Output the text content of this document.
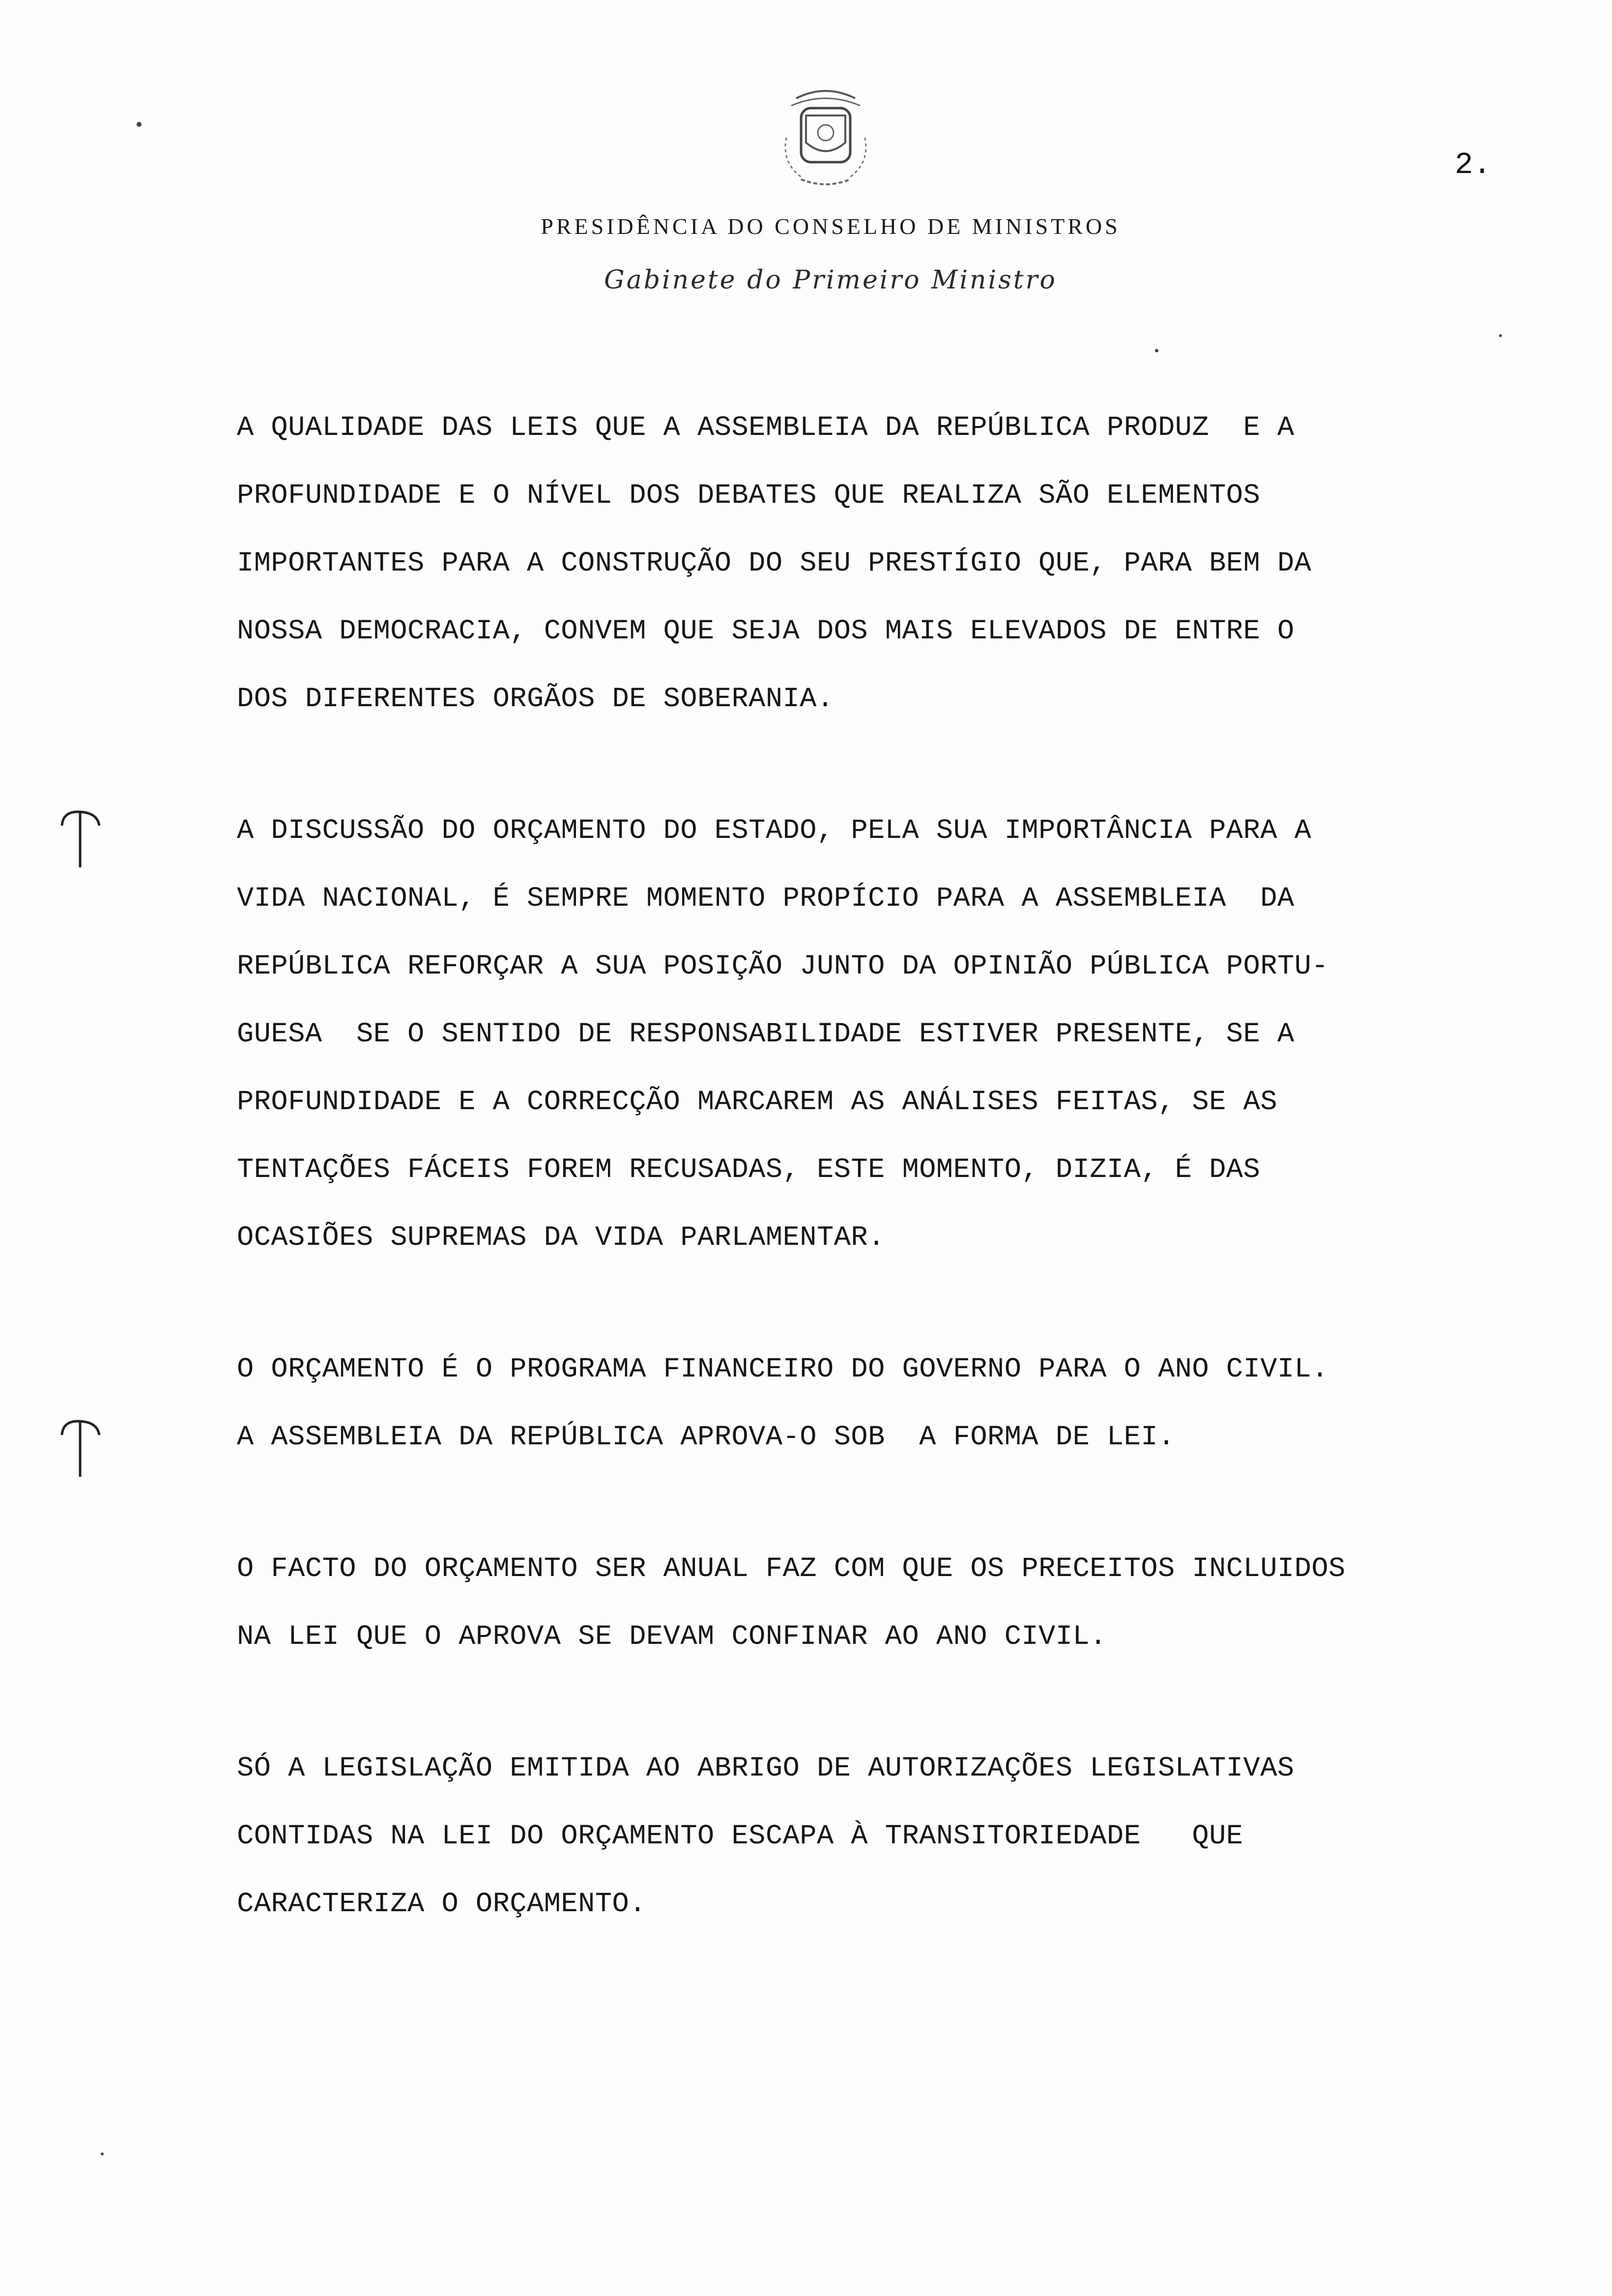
2.
PRESIDÊNCIA DO CONSELHO DE MINISTROS
Gabinete do Primeiro Ministro
A QUALIDADE DAS LEIS QUE A ASSEMBLEIA DA REPÚBLICA PRODUZ  E A
PROFUNDIDADE E O NÍVEL DOS DEBATES QUE REALIZA SÃO ELEMENTOS
IMPORTANTES PARA A CONSTRUÇÃO DO SEU PRESTÍGIO QUE, PARA BEM DA
NOSSA DEMOCRACIA, CONVEM QUE SEJA DOS MAIS ELEVADOS DE ENTRE O
DOS DIFERENTES ORGÃOS DE SOBERANIA.
A DISCUSSÃO DO ORÇAMENTO DO ESTADO, PELA SUA IMPORTÂNCIA PARA A
VIDA NACIONAL, É SEMPRE MOMENTO PROPÍCIO PARA A ASSEMBLEIA  DA
REPÚBLICA REFORÇAR A SUA POSIÇÃO JUNTO DA OPINIÃO PÚBLICA PORTU-
GUESA  SE O SENTIDO DE RESPONSABILIDADE ESTIVER PRESENTE, SE A
PROFUNDIDADE E A CORRECÇÃO MARCAREM AS ANÁLISES FEITAS, SE AS
TENTAÇÕES FÁCEIS FOREM RECUSADAS, ESTE MOMENTO, DIZIA, É DAS
OCASIÕES SUPREMAS DA VIDA PARLAMENTAR.
O ORÇAMENTO É O PROGRAMA FINANCEIRO DO GOVERNO PARA O ANO CIVIL.
A ASSEMBLEIA DA REPÚBLICA APROVA-O SOB  A FORMA DE LEI.
O FACTO DO ORÇAMENTO SER ANUAL FAZ COM QUE OS PRECEITOS INCLUIDOS
NA LEI QUE O APROVA SE DEVAM CONFINAR AO ANO CIVIL.
SÓ A LEGISLAÇÃO EMITIDA AO ABRIGO DE AUTORIZAÇÕES LEGISLATIVAS
CONTIDAS NA LEI DO ORÇAMENTO ESCAPA À TRANSITORIEDADE   QUE
CARACTERIZA O ORÇAMENTO.
